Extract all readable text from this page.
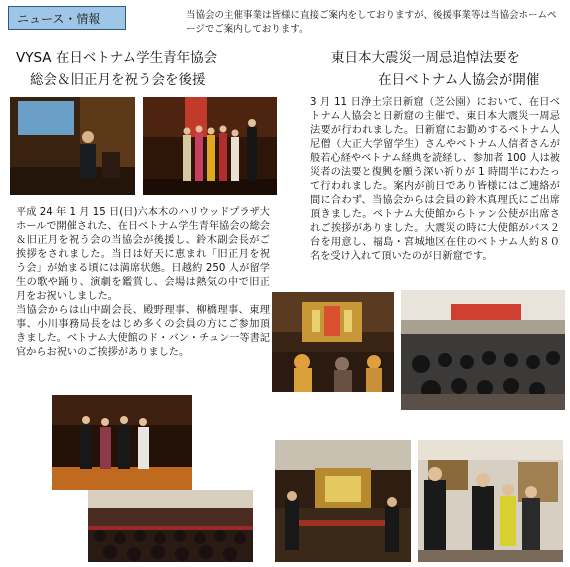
ニュース・情報	当協会の主催事業は皆様に直接ご案内をしておりますが、後援事業等は当協会ホームページでご案内しております。
VYSA 在日ベトナム学生青年協会
総会＆旧正月を祝う会を後援
東日本大震災一周忌追悼法要を
在日ベトナム人協会が開催
平成 24 年 1 月 15 日(日)六本木のハリウッドプラザ大ホールで開催された、在日ベトナム学生青年協会の総会＆旧正月を祝う会の当協会が後援し、鈴木副会長がご挨拶をされました。当日は好天に恵まれ「旧正月を祝う会」が始まる頃には満席状態。日越約 250 人が留学生の歌や踊り、演劇を鑑賞し、会場は熱気の中で旧正月をお祝いしました。
当協会からは山中副会長、殿野理事、柳橋理事、東理事、小川事務局長をはじめ多くの会員の方にご参加頂きました。ベトナム大使館のド・バン・チュン一等書記官からお祝いのご挨拶がありました。
3 月 11 日浄土宗日新窟（芝公園）において、在日ベトナム人協会と日新窟の主催で、東日本大震災一周忌法要が行われました。日新窟にお勤めするベトナム人尼僧（大正大学留学生）さんやベトナム人信者さんが般若心経やベトナム経典を読経し、参加者 100 人は被災者の法要と復興を願う深い祈りが 1 時間半にわたって行われました。案内が前日であり皆様にはご連絡が間に合わず、当協会からは会員の鈴木真理氏にご出席頂きました。ベトナム大使館からトァン公使が出席されご挨拶がありました。大震災の時に大使館がバス２台を用意し、福島・宮城地区在住のベトナム人約８０名を受け入れて頂いたのが日新窟です。
